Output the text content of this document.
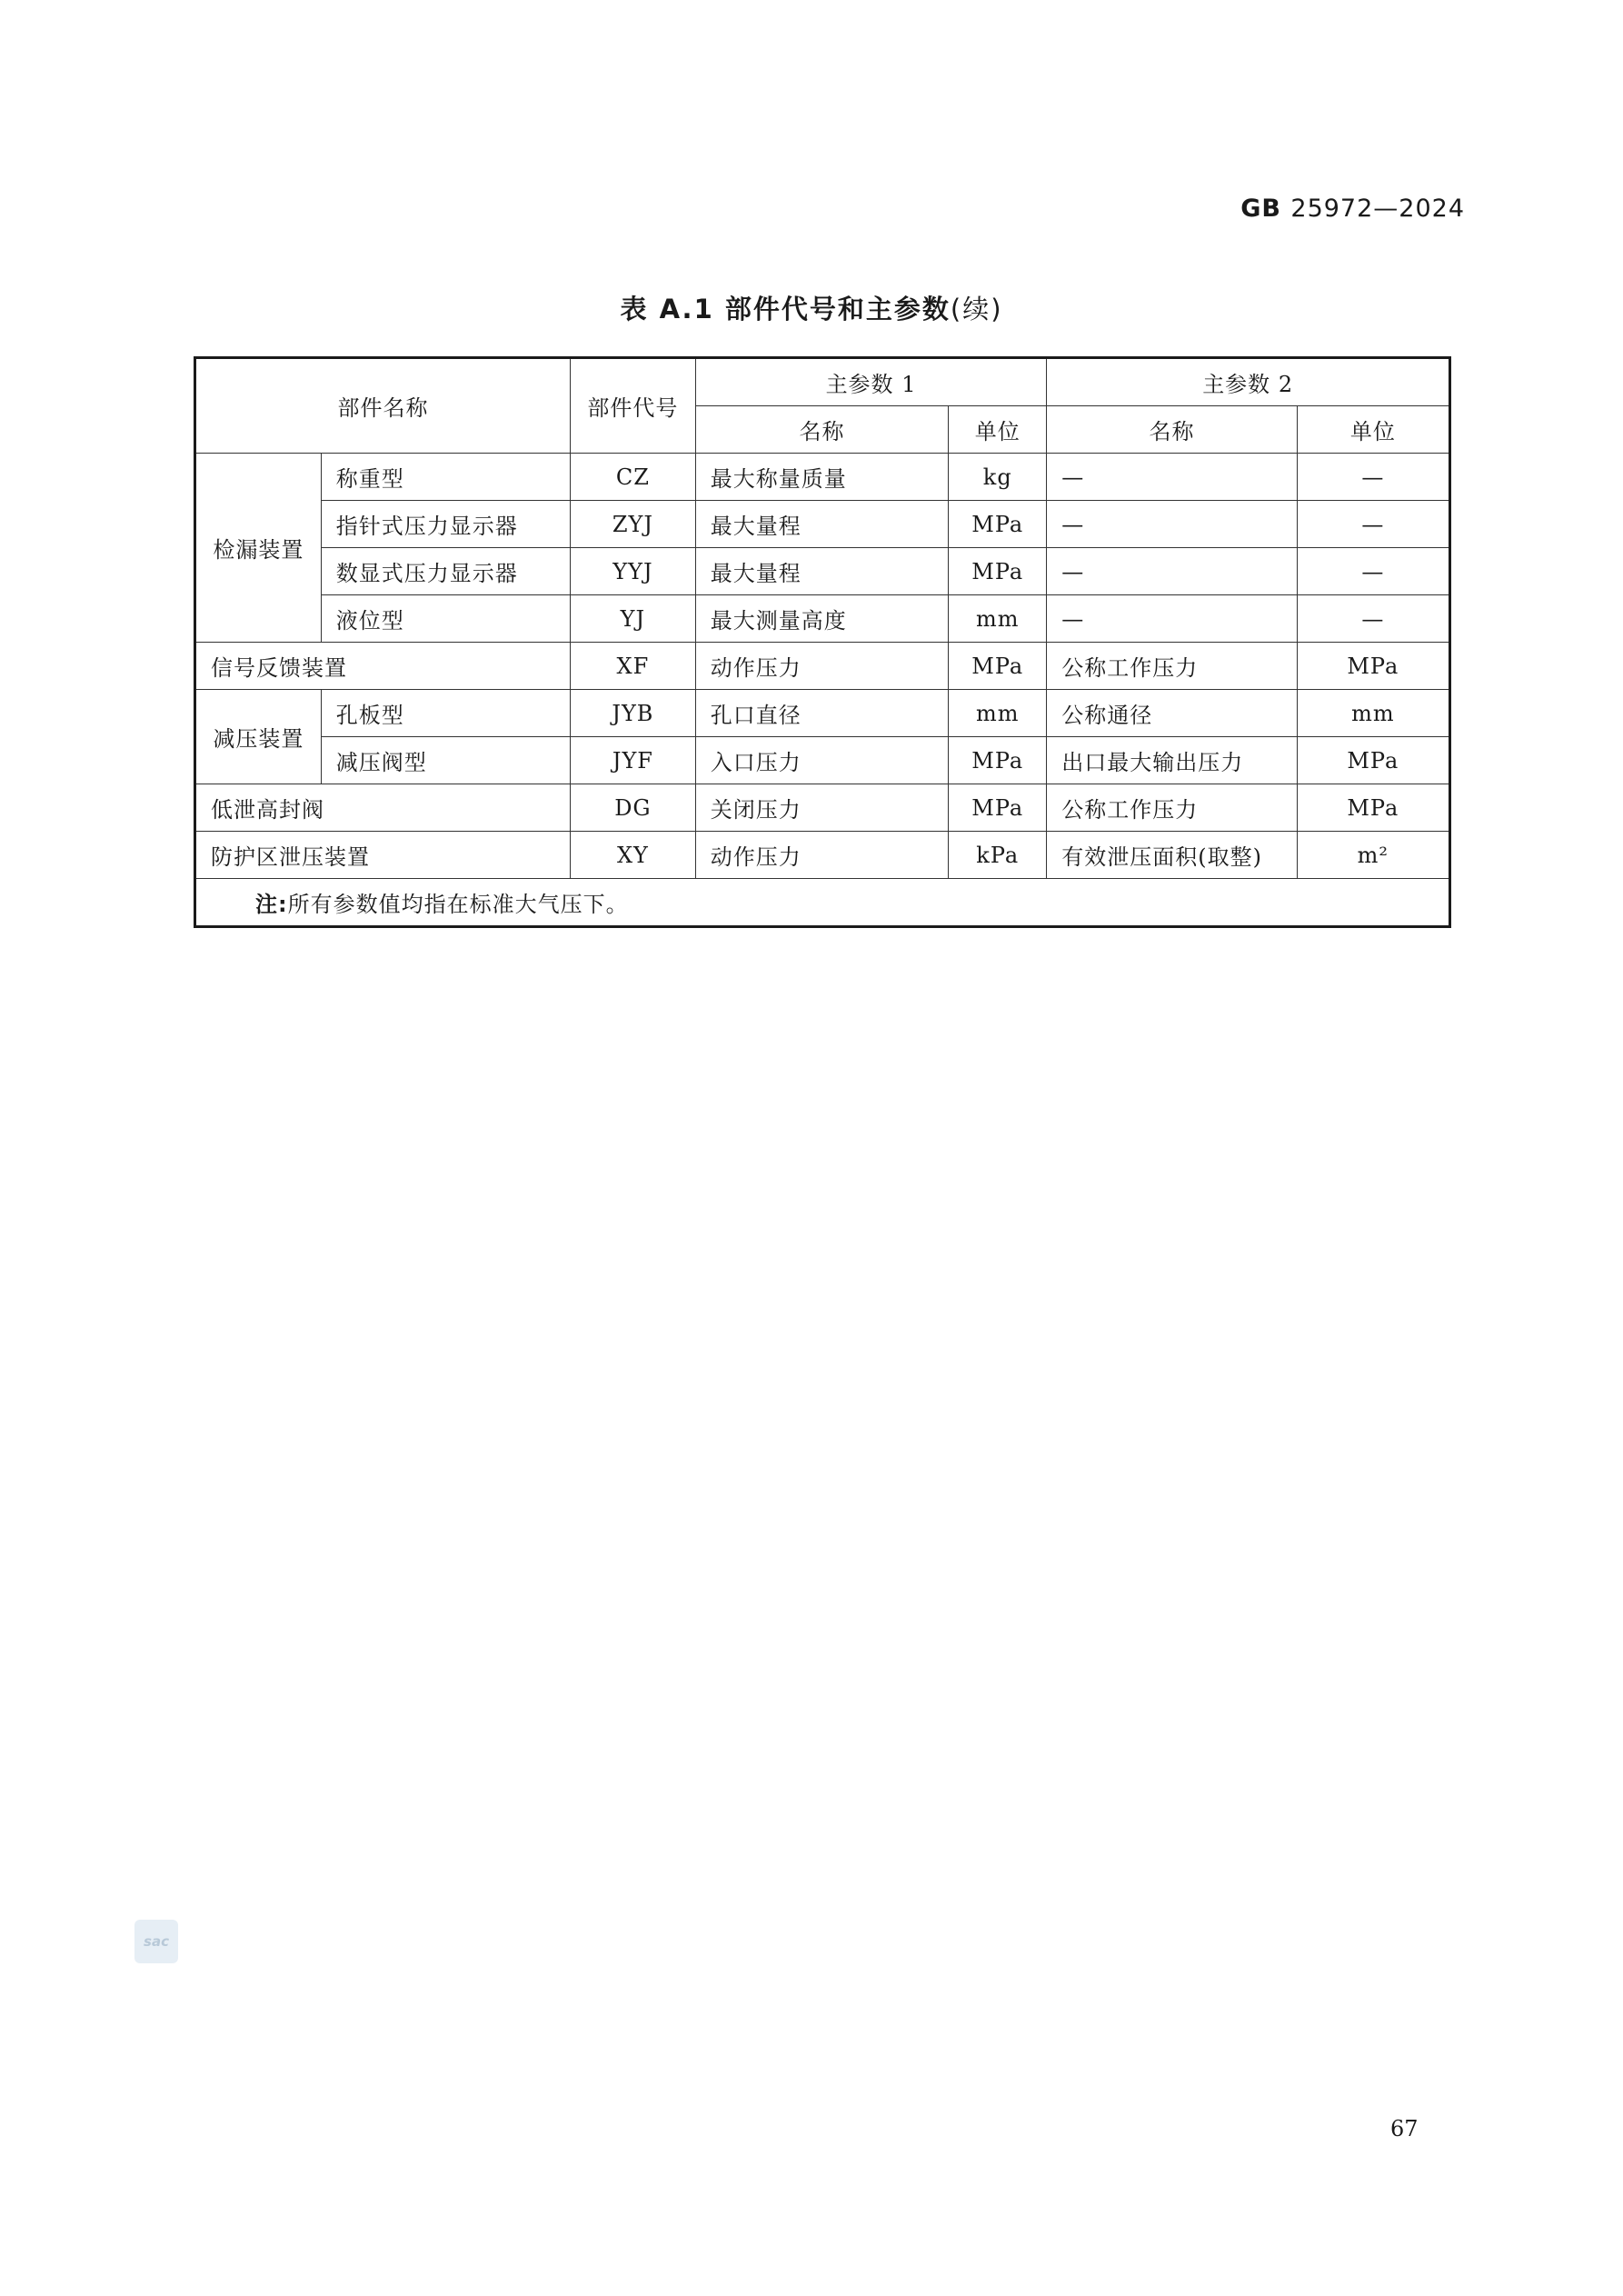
GB 25972—2024
表 A.1 部件代号和主参数(续)
部件名称		部件代号	主参数 1		主参数 2	
			名称	单位	名称	单位
检漏装置	称重型	CZ	最大称量质量	kg	—	—
	指针式压力显示器	ZYJ	最大量程	MPa	—	—
	数显式压力显示器	YYJ	最大量程	MPa	—	—
	液位型	YJ	最大测量高度	mm	—	—
信号反馈装置		XF	动作压力	MPa	公称工作压力	MPa
减压装置	孔板型	JYB	孔口直径	mm	公称通径	mm
	减压阀型	JYF	入口压力	MPa	出口最大输出压力	MPa
低泄高封阀		DG	关闭压力	MPa	公称工作压力	MPa
防护区泄压装置		XY	动作压力	kPa	有效泄压面积(取整)	m²
注:所有参数值均指在标准大气压下。						
sac
67
